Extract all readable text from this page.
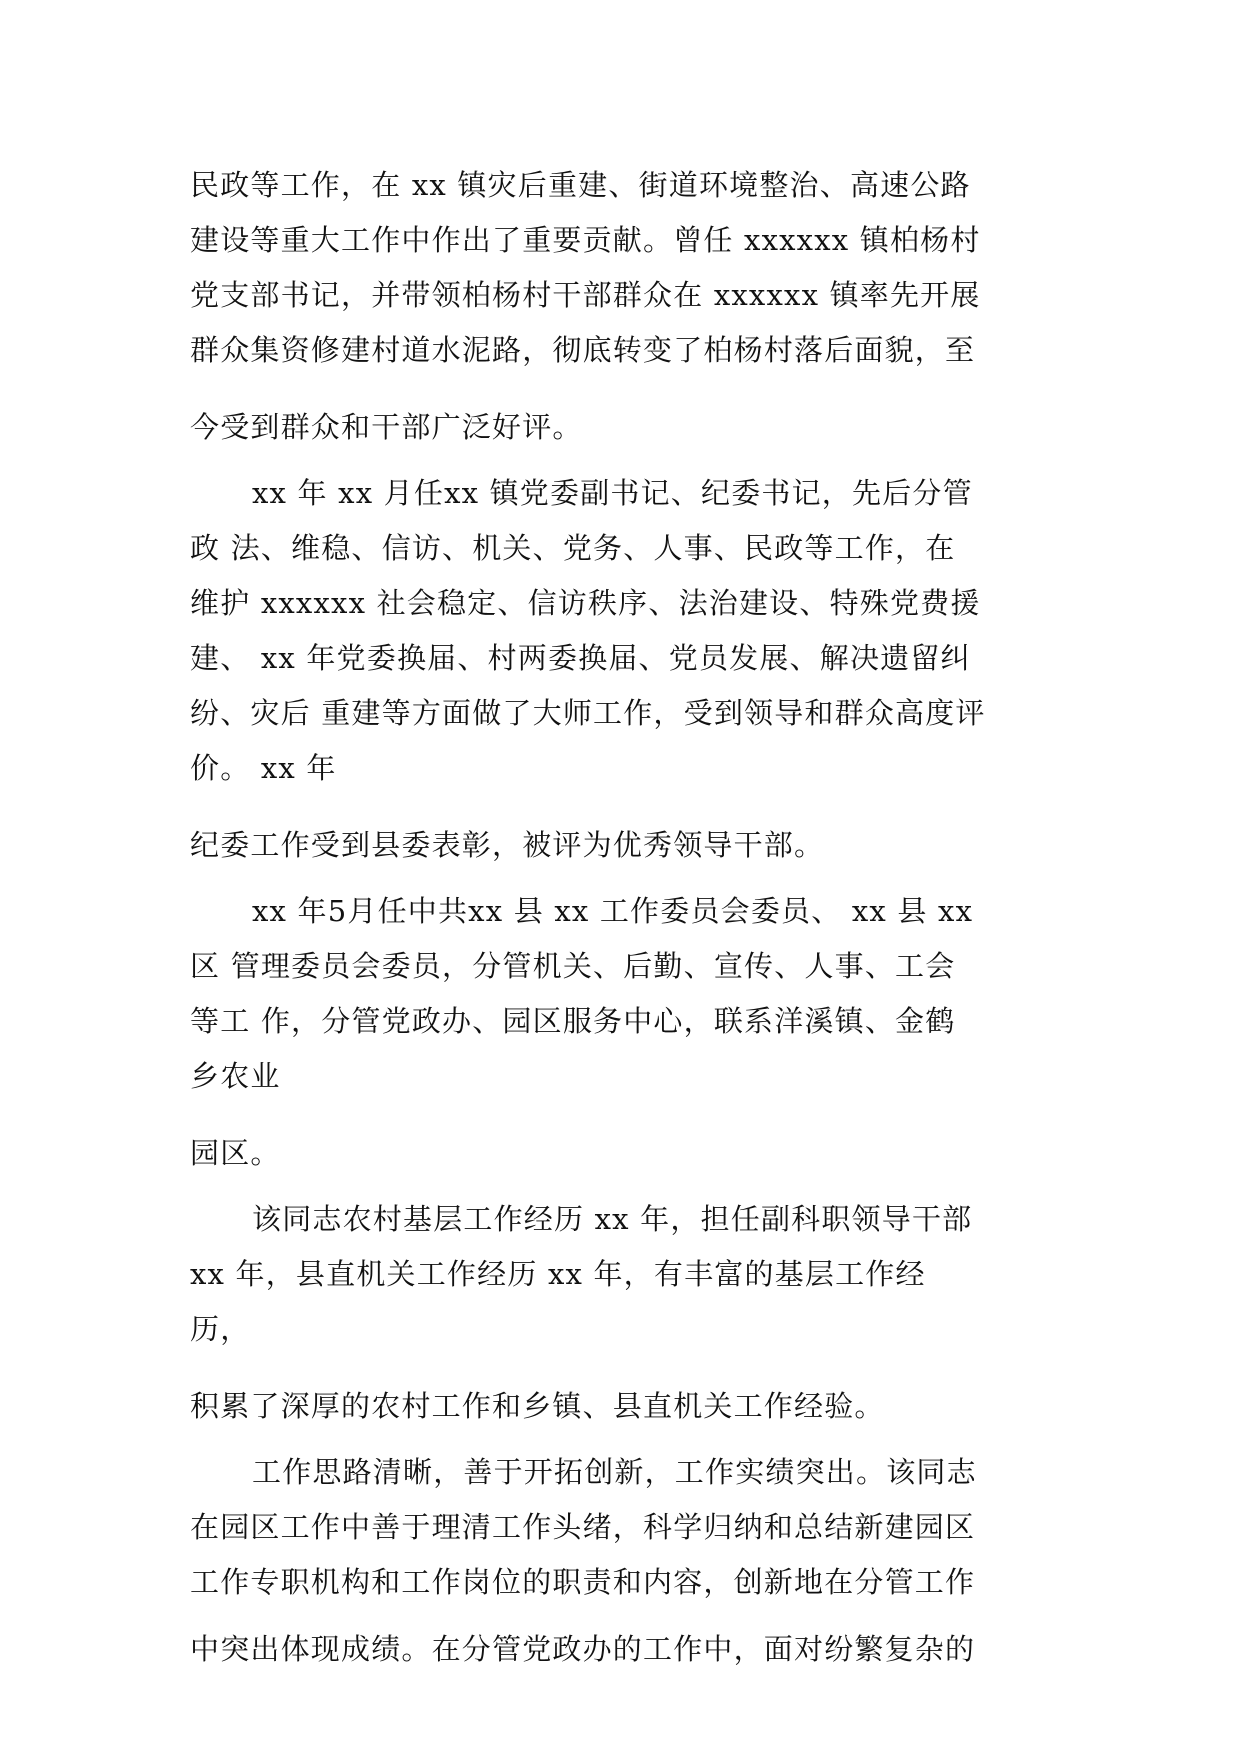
民政等工作，在 xx 镇灾后重建、街道环境整治、高速公路
建设等重大工作中作出了重要贡献。曾任 xxxxxx 镇柏杨村
党支部书记，并带领柏杨村干部群众在 xxxxxx 镇率先开展
群众集资修建村道水泥路，彻底转变了柏杨村落后面貌，至
今受到群众和干部广泛好评。
xx 年 xx 月任xx 镇党委副书记、纪委书记，先后分管
政 法、维稳、信访、机关、党务、人事、民政等工作，在
维护 xxxxxx 社会稳定、信访秩序、法治建设、特殊党费援
建、 xx 年党委换届、村两委换届、党员发展、解决遗留纠
纷、灾后 重建等方面做了大师工作，受到领导和群众高度评
价。 xx 年
纪委工作受到县委表彰，被评为优秀领导干部。
xx 年5月任中共xx 县 xx 工作委员会委员、 xx 县 xx
区 管理委员会委员，分管机关、后勤、宣传、人事、工会
等工 作，分管党政办、园区服务中心，联系洋溪镇、金鹤
乡农业
园区。
该同志农村基层工作经历 xx 年，担任副科职领导干部
xx 年，县直机关工作经历 xx 年，有丰富的基层工作经
历，
积累了深厚的农村工作和乡镇、县直机关工作经验。
工作思路清晰，善于开拓创新，工作实绩突出。该同志
在园区工作中善于理清工作头绪，科学归纳和总结新建园区
工作专职机构和工作岗位的职责和内容，创新地在分管工作
中突出体现成绩。在分管党政办的工作中，面对纷繁复杂的
